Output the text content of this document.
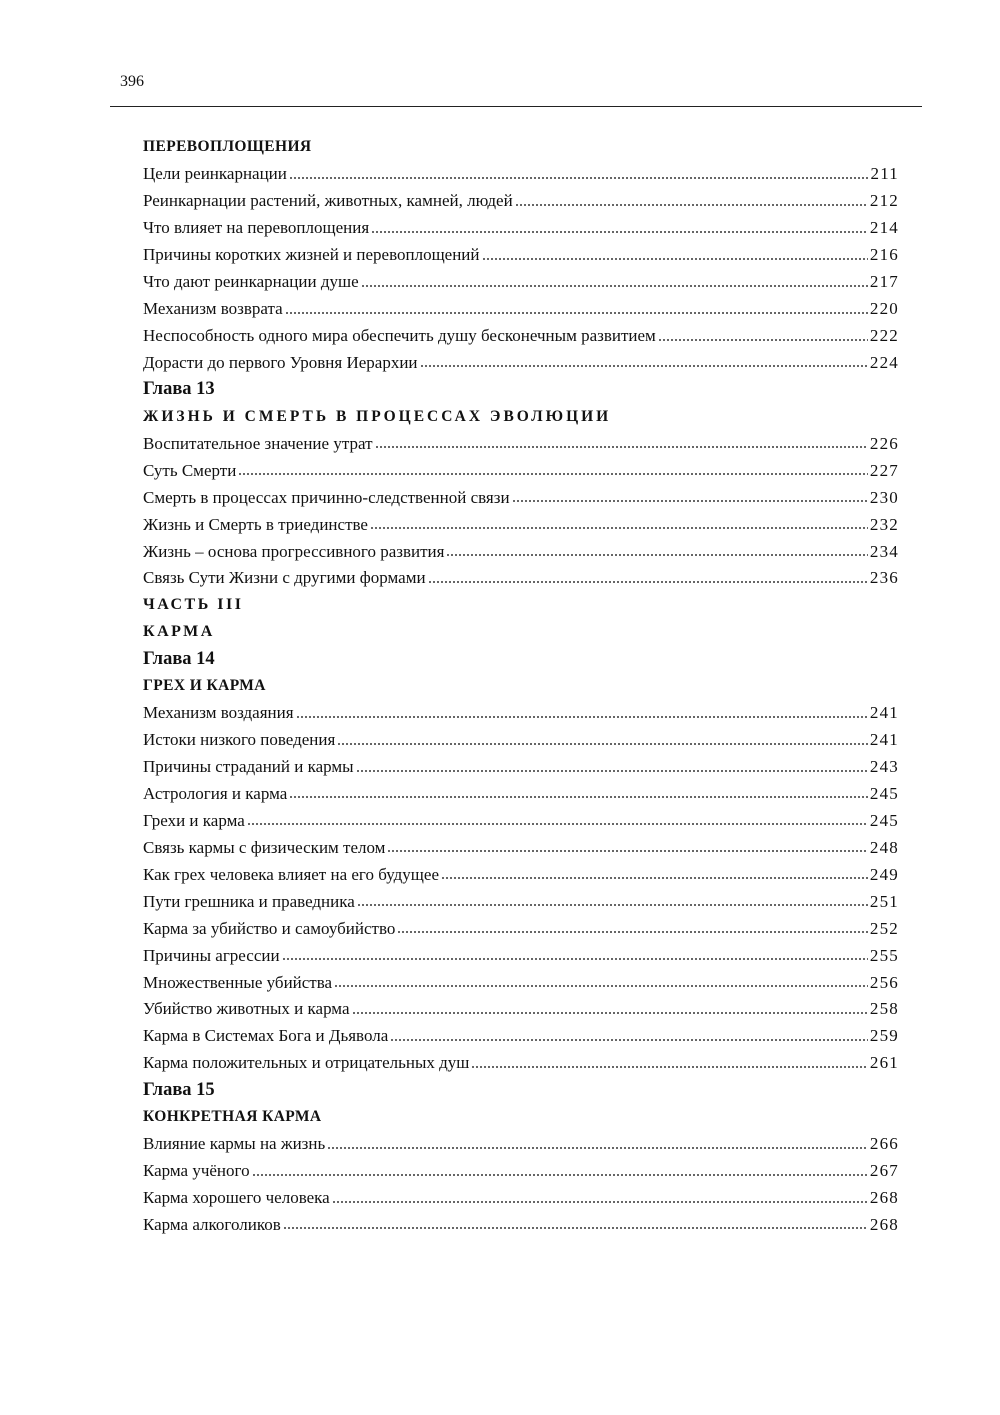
396
ПЕРЕВОПЛОЩЕНИЯ
Цели реинкарнации	211
Реинкарнации растений, животных, камней, людей	212
Что влияет на перевоплощения	214
Причины коротких жизней и перевоплощений	216
Что дают реинкарнации душе	217
Механизм возврата	220
Неспособность одного мира обеспечить душу бесконечным развитием	222
Дорасти до первого Уровня Иерархии	224
Глава 13
ЖИЗНЬ И СМЕРТЬ В ПРОЦЕССАХ ЭВОЛЮЦИИ
Воспитательное значение утрат	226
Суть Смерти	227
Смерть в процессах причинно-следственной связи	230
Жизнь и Смерть в триединстве	232
Жизнь – основа прогрессивного развития	234
Связь Сути Жизни с другими формами	236
ЧАСТЬ III
КАРМА
Глава 14
ГРЕХ И КАРМА
Механизм воздаяния	241
Истоки низкого поведения	241
Причины страданий и кармы	243
Астрология и карма	245
Грехи и карма	245
Связь кармы с физическим телом	248
Как грех человека влияет на его будущее	249
Пути грешника и праведника	251
Карма за убийство и самоубийство	252
Причины агрессии	255
Множественные убийства	256
Убийство животных и карма	258
Карма в Системах Бога и Дьявола	259
Карма положительных и отрицательных душ	261
Глава 15
КОНКРЕТНАЯ КАРМА
Влияние кармы на жизнь	266
Карма учёного	267
Карма хорошего человека	268
Карма алкоголиков	268
